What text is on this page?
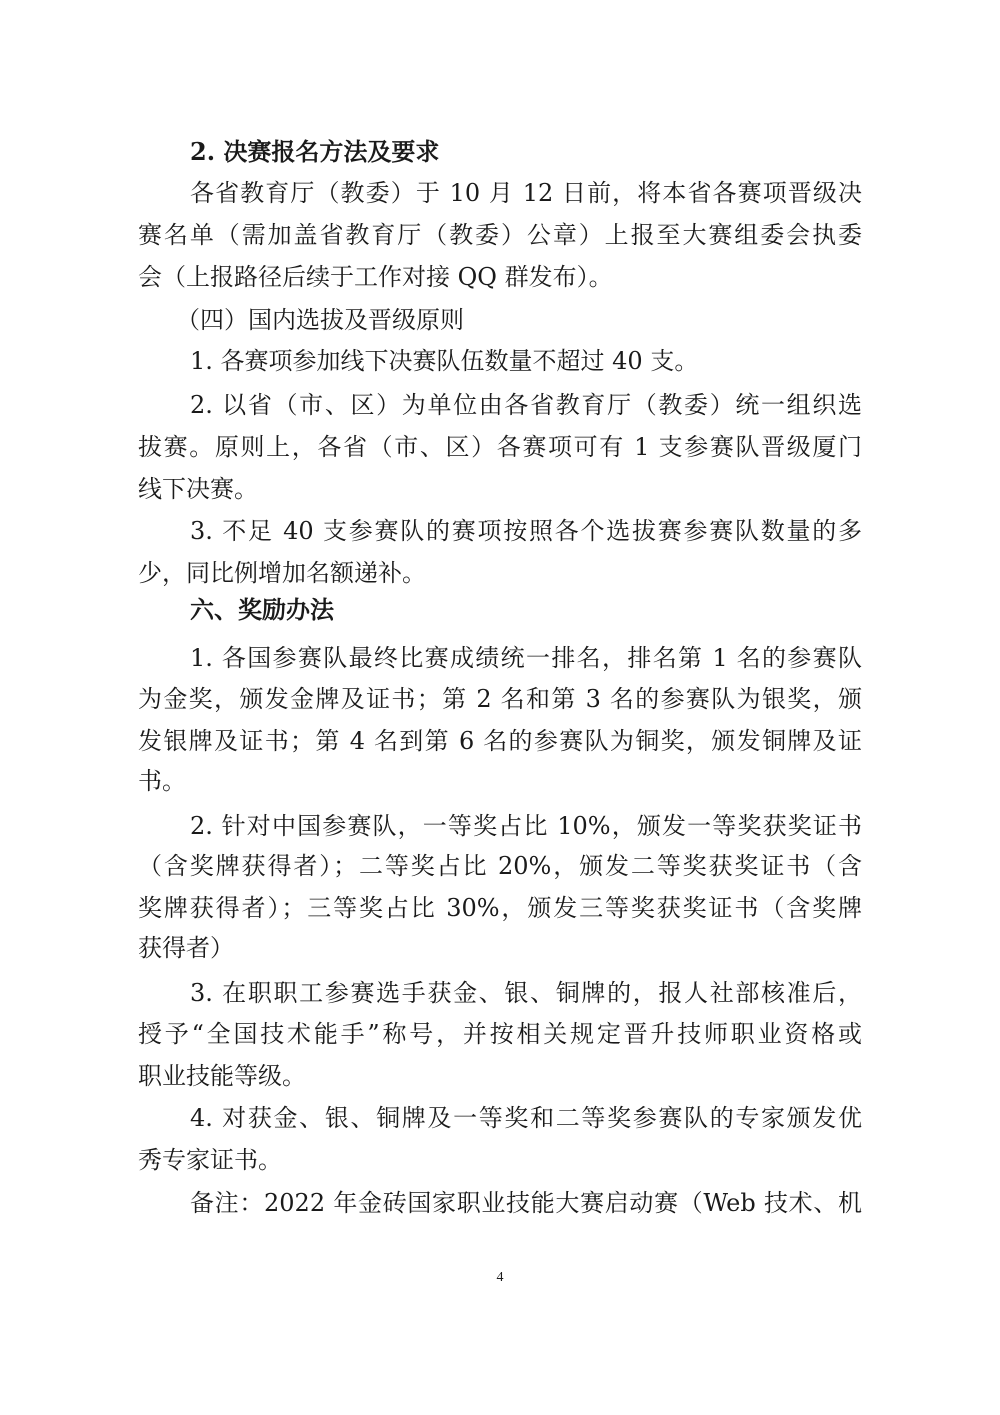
2. 决赛报名方法及要求
各省教育厅（教委）于 10 月 12 日前，将本省各赛项晋级决
赛名单（需加盖省教育厅（教委）公章）上报至大赛组委会执委
会（上报路径后续于工作对接 QQ 群发布）。
（四）国内选拔及晋级原则
1. 各赛项参加线下决赛队伍数量不超过 40 支。
2. 以省（市、区）为单位由各省教育厅（教委）统一组织选
拔赛。原则上，各省（市、区）各赛项可有 1 支参赛队晋级厦门
线下决赛。
3. 不足 40 支参赛队的赛项按照各个选拔赛参赛队数量的多
少，同比例增加名额递补。
六、奖励办法
1. 各国参赛队最终比赛成绩统一排名，排名第 1 名的参赛队
为金奖，颁发金牌及证书；第 2 名和第 3 名的参赛队为银奖，颁
发银牌及证书；第 4 名到第 6 名的参赛队为铜奖，颁发铜牌及证
书。
2. 针对中国参赛队，一等奖占比 10%，颁发一等奖获奖证书
（含奖牌获得者）；二等奖占比 20%，颁发二等奖获奖证书（含
奖牌获得者）；三等奖占比 30%，颁发三等奖获奖证书（含奖牌
获得者）
3. 在职职工参赛选手获金、银、铜牌的，报人社部核准后，
授予“全国技术能手”称号，并按相关规定晋升技师职业资格或
职业技能等级。
4. 对获金、银、铜牌及一等奖和二等奖参赛队的专家颁发优
秀专家证书。
备注：2022 年金砖国家职业技能大赛启动赛（Web 技术、机
4
